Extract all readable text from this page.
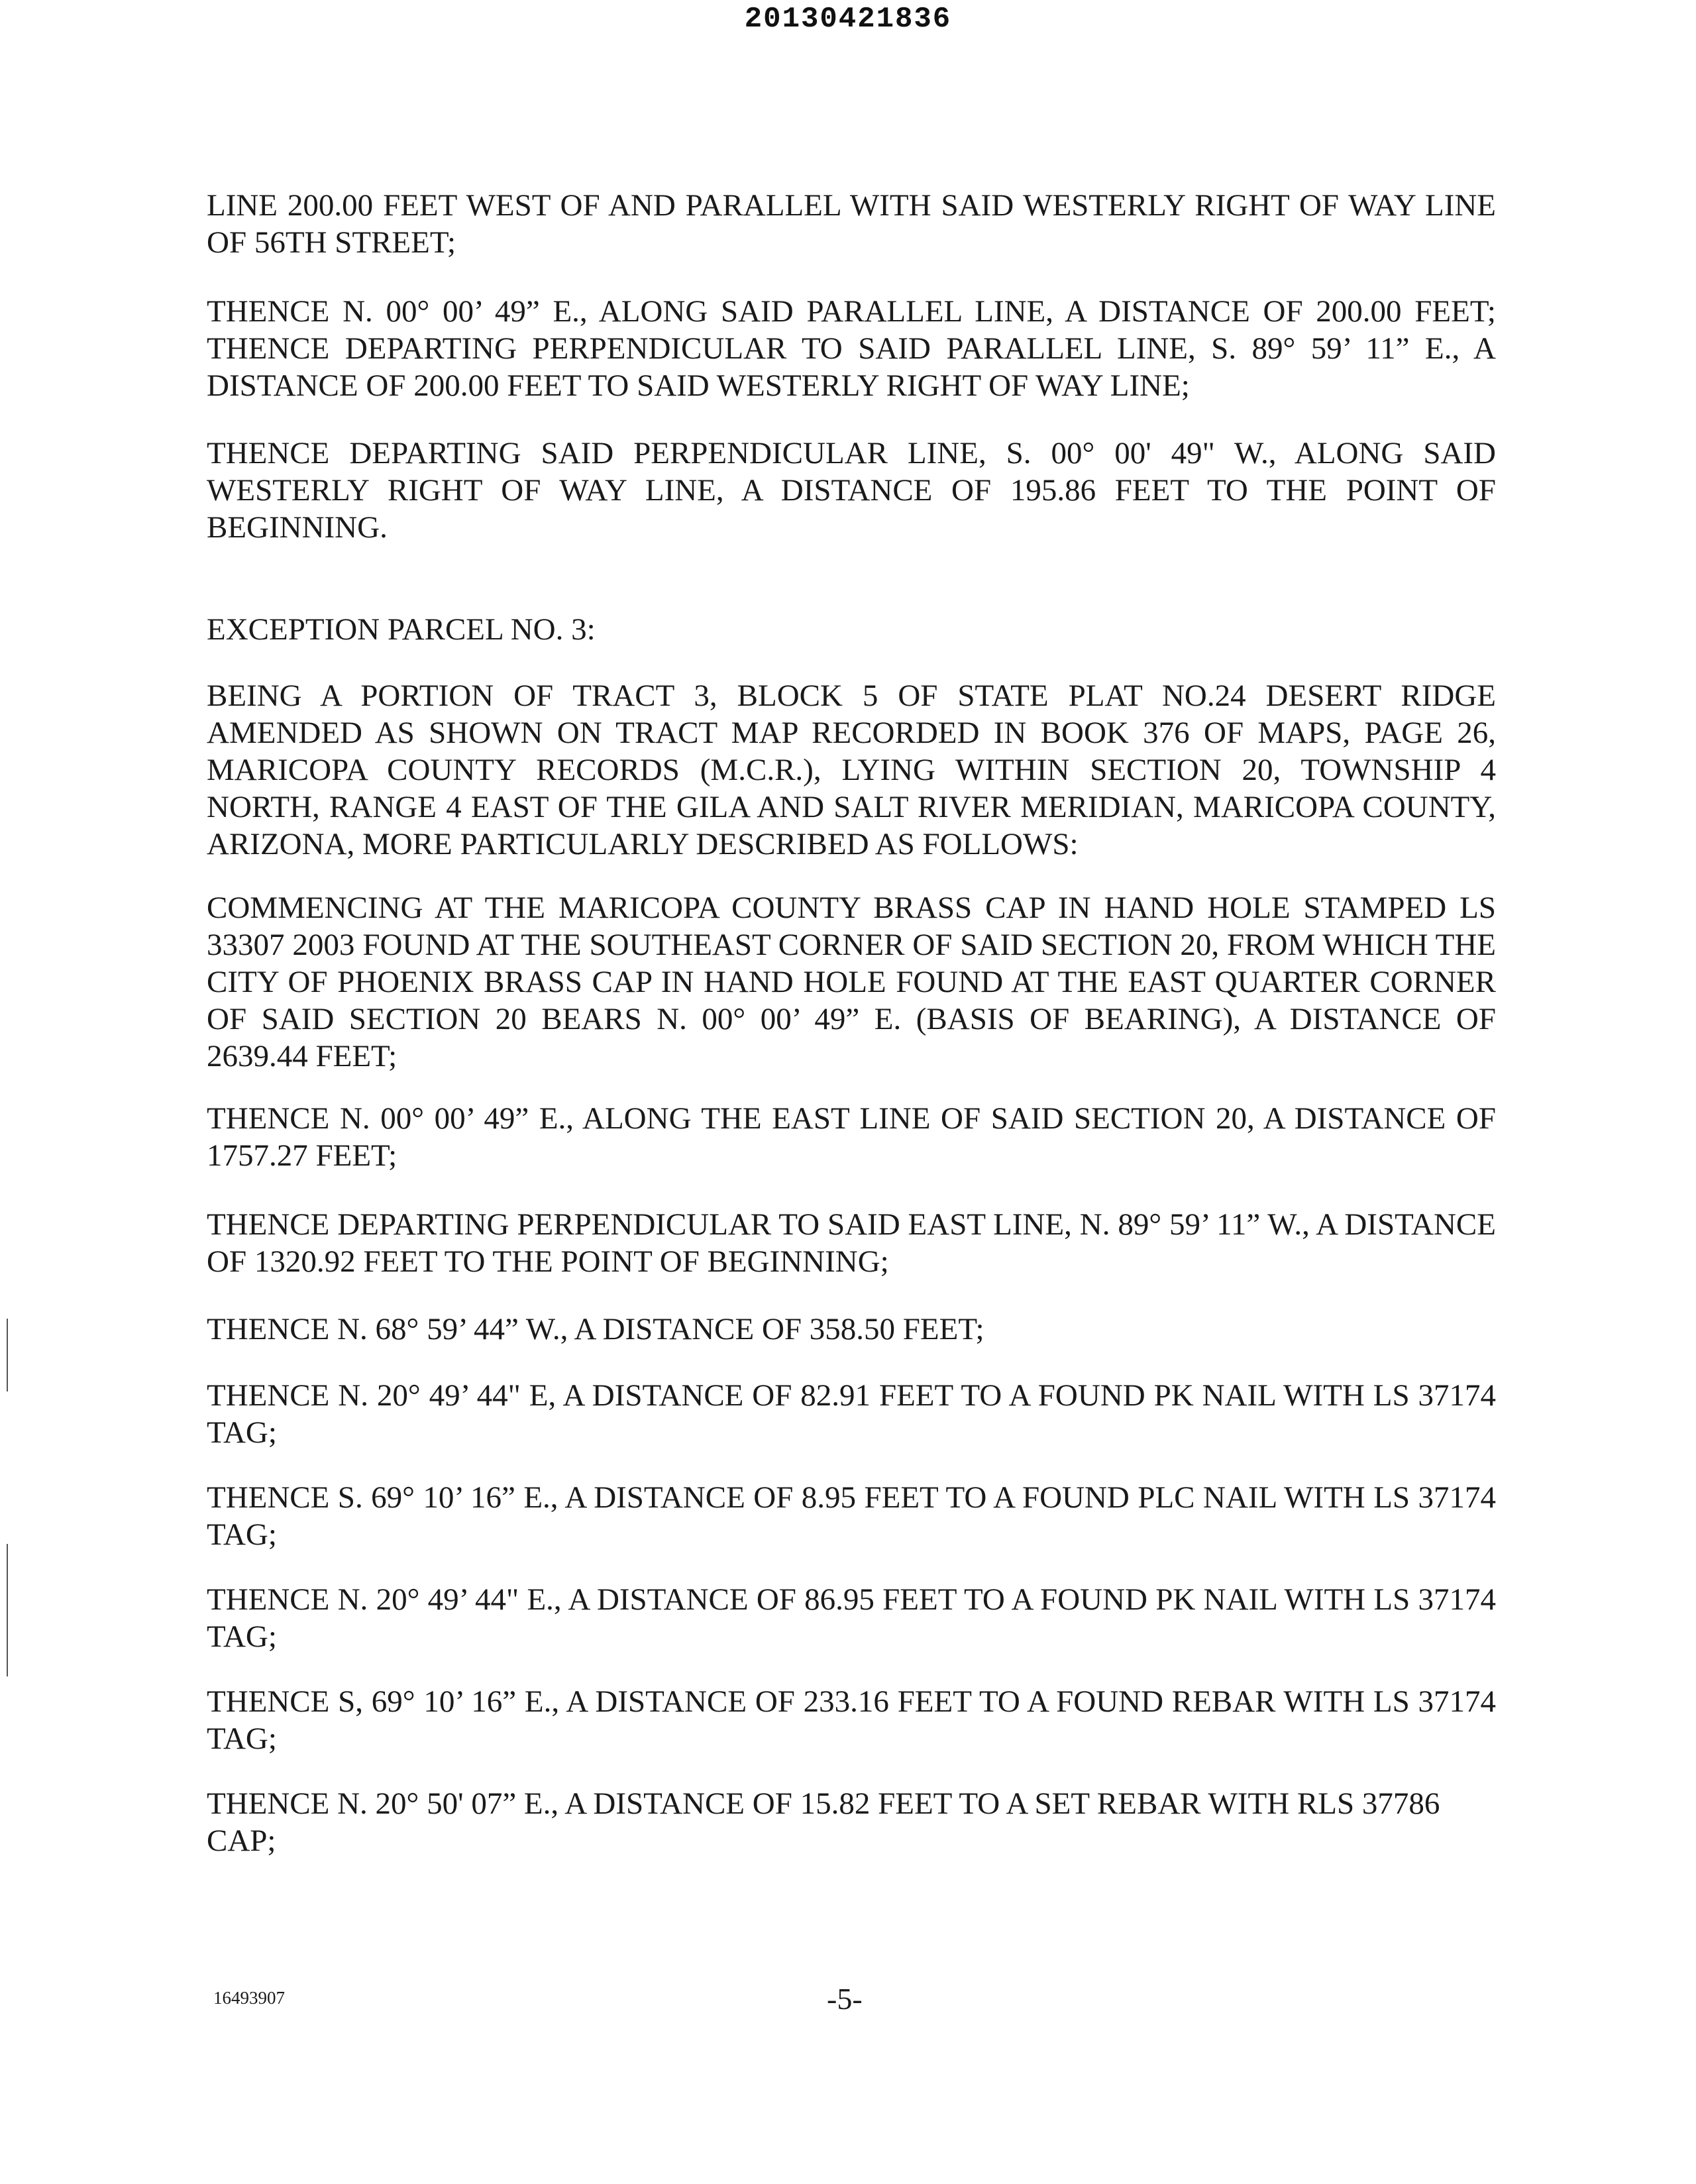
20130421836

LINE 200.00 FEET WEST OF AND PARALLEL WITH SAID WESTERLY RIGHT OF WAY LINE OF 56TH STREET;

THENCE N. 00° 00’ 49” E., ALONG SAID PARALLEL LINE, A DISTANCE OF 200.00 FEET; THENCE DEPARTING PERPENDICULAR TO SAID PARALLEL LINE, S. 89° 59’ 11” E., A DISTANCE OF 200.00 FEET TO SAID WESTERLY RIGHT OF WAY LINE;

THENCE DEPARTING SAID PERPENDICULAR LINE, S. 00° 00' 49" W., ALONG SAID WESTERLY RIGHT OF WAY LINE, A DISTANCE OF 195.86 FEET TO THE POINT OF BEGINNING.

EXCEPTION PARCEL NO. 3:

BEING A PORTION OF TRACT 3, BLOCK 5 OF STATE PLAT NO.24 DESERT RIDGE AMENDED AS SHOWN ON TRACT MAP RECORDED IN BOOK 376 OF MAPS, PAGE 26, MARICOPA COUNTY RECORDS (M.C.R.), LYING WITHIN SECTION 20, TOWNSHIP 4 NORTH, RANGE 4 EAST OF THE GILA AND SALT RIVER MERIDIAN, MARICOPA COUNTY, ARIZONA, MORE PARTICULARLY DESCRIBED AS FOLLOWS:

COMMENCING AT THE MARICOPA COUNTY BRASS CAP IN HAND HOLE STAMPED LS 33307 2003 FOUND AT THE SOUTHEAST CORNER OF SAID SECTION 20, FROM WHICH THE CITY OF PHOENIX BRASS CAP IN HAND HOLE FOUND AT THE EAST QUARTER CORNER OF SAID SECTION 20 BEARS N. 00° 00’ 49” E. (BASIS OF BEARING), A DISTANCE OF 2639.44 FEET;

THENCE N. 00° 00’ 49” E., ALONG THE EAST LINE OF SAID SECTION 20, A DISTANCE OF 1757.27 FEET;

THENCE DEPARTING PERPENDICULAR TO SAID EAST LINE, N. 89° 59’ 11” W., A DISTANCE OF 1320.92 FEET TO THE POINT OF BEGINNING;

THENCE N. 68° 59’ 44” W., A DISTANCE OF 358.50 FEET;

THENCE N. 20° 49’ 44" E, A DISTANCE OF 82.91 FEET TO A FOUND PK NAIL WITH LS 37174 TAG;

THENCE S. 69° 10’ 16” E., A DISTANCE OF 8.95 FEET TO A FOUND PLC NAIL WITH LS 37174 TAG;

THENCE N. 20° 49’ 44" E., A DISTANCE OF 86.95 FEET TO A FOUND PK NAIL WITH LS 37174 TAG;

THENCE S, 69° 10’ 16” E., A DISTANCE OF 233.16 FEET TO A FOUND REBAR WITH LS 37174 TAG;

THENCE N. 20° 50' 07” E., A DISTANCE OF 15.82 FEET TO A SET REBAR WITH RLS 37786 CAP;

16493907	-5-
